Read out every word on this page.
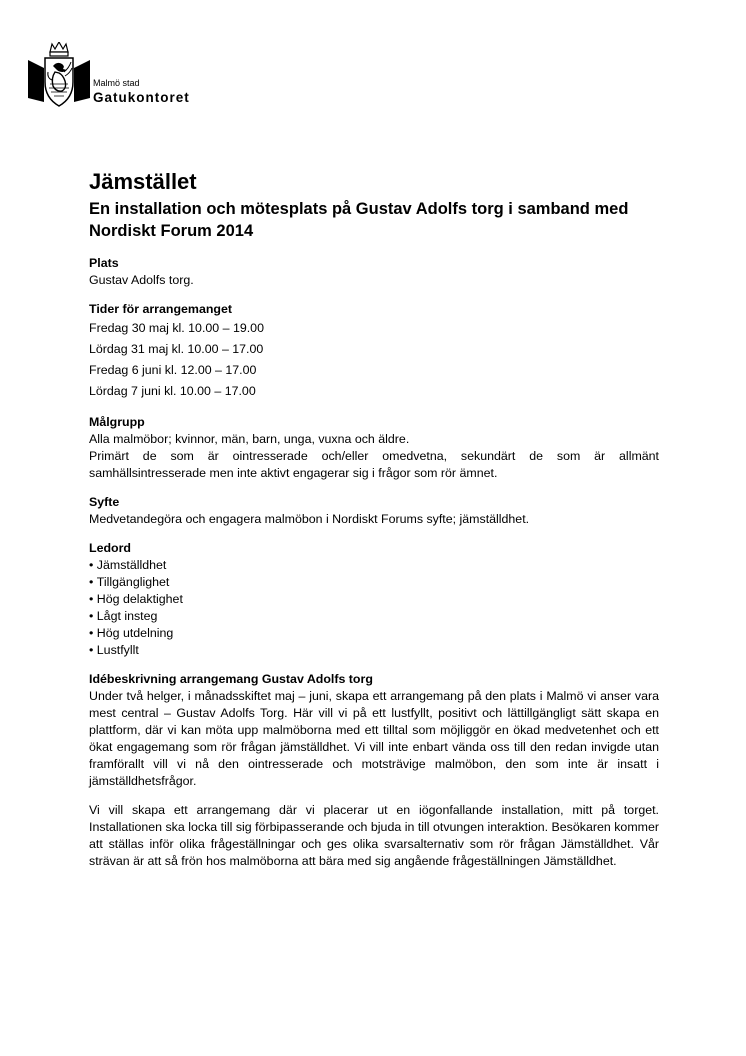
Malmö stad
Gatukontoret
Jämstället
En installation och mötesplats på Gustav Adolfs torg i samband med Nordiskt Forum 2014
Plats
Gustav Adolfs torg.
Tider för arrangemanget
Fredag 30 maj kl. 10.00 – 19.00
Lördag 31 maj kl. 10.00 – 17.00
Fredag 6 juni kl. 12.00 – 17.00
Lördag 7 juni kl. 10.00 – 17.00
Målgrupp
Alla malmöbor; kvinnor, män, barn, unga, vuxna och äldre.
Primärt de som är ointresserade och/eller omedvetna, sekundärt de som är allmänt samhällsintresserade men inte aktivt engagerar sig i frågor som rör ämnet.
Syfte
Medvetandegöra och engagera malmöbon i Nordiskt Forums syfte; jämställdhet.
Ledord
• Jämställdhet
• Tillgänglighet
• Hög delaktighet
• Lågt insteg
• Hög utdelning
• Lustfyllt
Idébeskrivning arrangemang Gustav Adolfs torg
Under två helger, i månadsskiftet maj – juni, skapa ett arrangemang på den plats i Malmö vi anser vara mest central – Gustav Adolfs Torg. Här vill vi på ett lustfyllt, positivt och lättillgängligt sätt skapa en plattform, där vi kan möta upp malmöborna med ett tilltal som möjliggör en ökad medvetenhet och ett ökat engagemang som rör frågan jämställdhet. Vi vill inte enbart vända oss till den redan invigde utan framförallt vill vi nå den ointresserade och motsträvige malmöbon, den som inte är insatt i jämställdhetsfrågor.
Vi vill skapa ett arrangemang där vi placerar ut en iögonfallande installation, mitt på torget. Installationen ska locka till sig förbipasserande och bjuda in till otvungen interaktion. Besökaren kommer att ställas inför olika frågeställningar och ges olika svarsalternativ som rör frågan Jämställdhet. Vår strävan är att så frön hos malmöborna att bära med sig angående frågeställningen Jämställdhet.
